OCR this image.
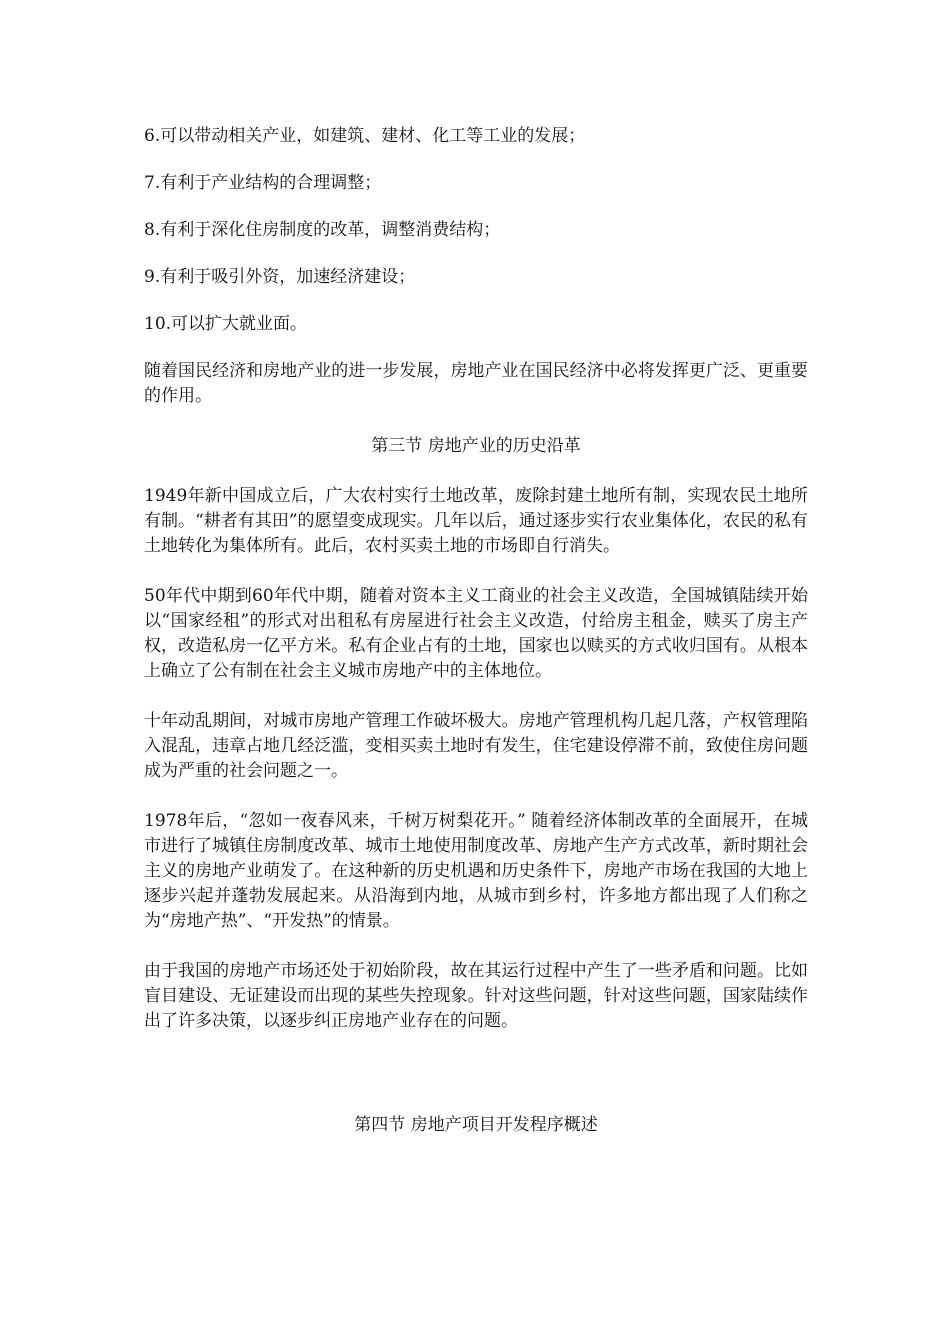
6.可以带动相关产业，如建筑、建材、化工等工业的发展；

7.有利于产业结构的合理调整；

8.有利于深化住房制度的改革，调整消费结构；

9.有利于吸引外资，加速经济建设；

10.可以扩大就业面。

随着国民经济和房地产业的进一步发展，房地产业在国民经济中必将发挥更广泛、更重要的作用。

第三节 房地产业的历史沿革

1949年新中国成立后，广大农村实行土地改革，废除封建土地所有制，实现农民土地所有制。“耕者有其田”的愿望变成现实。几年以后，通过逐步实行农业集体化，农民的私有土地转化为集体所有。此后，农村买卖土地的市场即自行消失。

50年代中期到60年代中期，随着对资本主义工商业的社会主义改造，全国城镇陆续开始以“国家经租”的形式对出租私有房屋进行社会主义改造，付给房主租金，赎买了房主产权，改造私房一亿平方米。私有企业占有的土地，国家也以赎买的方式收归国有。从根本上确立了公有制在社会主义城市房地产中的主体地位。

十年动乱期间，对城市房地产管理工作破坏极大。房地产管理机构几起几落，产权管理陷入混乱，违章占地几经泛滥，变相买卖土地时有发生，住宅建设停滞不前，致使住房问题成为严重的社会问题之一。

1978年后，“忽如一夜春风来，千树万树梨花开。” 随着经济体制改革的全面展开，在城市进行了城镇住房制度改革、城市土地使用制度改革、房地产生产方式改革，新时期社会主义的房地产业萌发了。在这种新的历史机遇和历史条件下，房地产市场在我国的大地上逐步兴起并蓬勃发展起来。从沿海到内地，从城市到乡村，许多地方都出现了人们称之为“房地产热”、“开发热”的情景。

由于我国的房地产市场还处于初始阶段，故在其运行过程中产生了一些矛盾和问题。比如盲目建设、无证建设而出现的某些失控现象。针对这些问题，针对这些问题，国家陆续作出了许多决策，以逐步纠正房地产业存在的问题。

第四节 房地产项目开发程序概述
